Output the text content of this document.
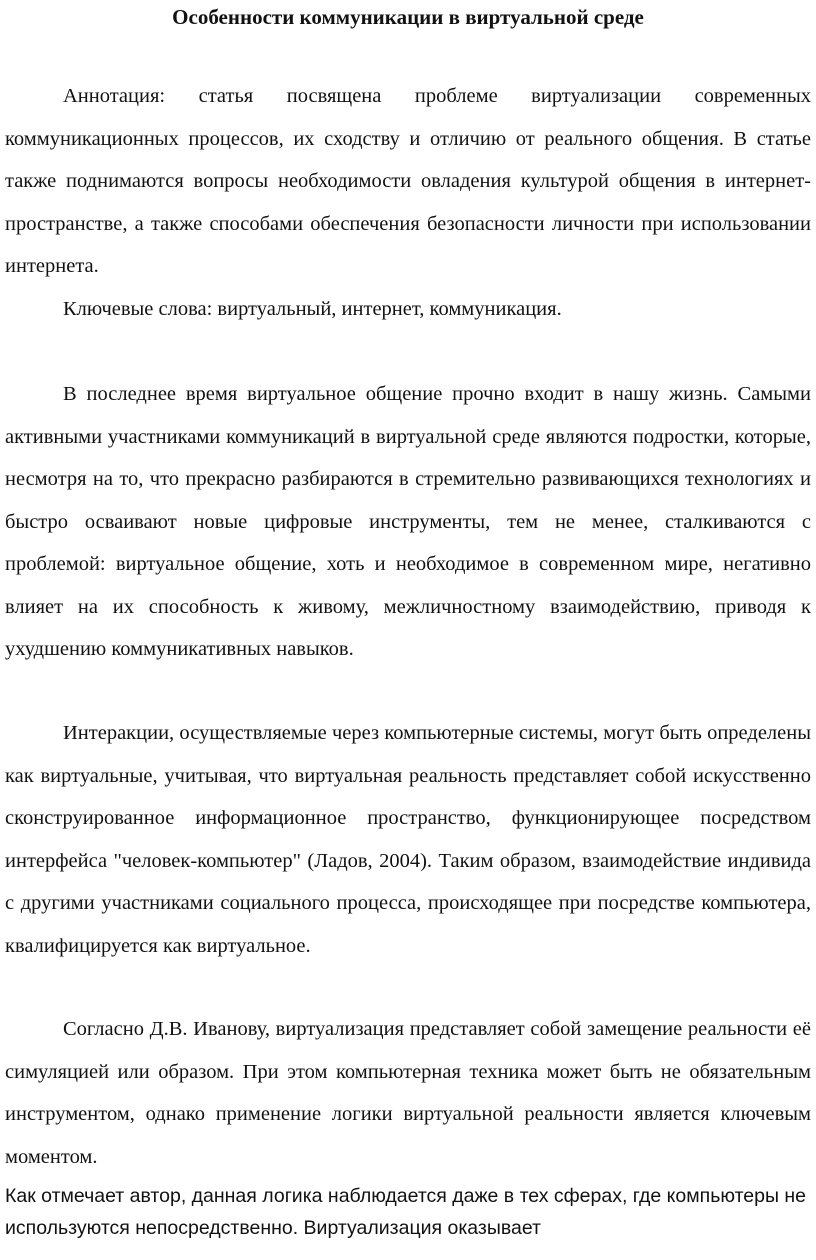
Особенности коммуникации в виртуальной среде

Аннотация: статья посвящена проблеме виртуализации современных коммуникационных процессов, их сходству и отличию от реального общения. В статье также поднимаются вопросы необходимости овладения культурой общения в интернет-пространстве, а также способами обеспечения безопасности личности при использовании интернета.

Ключевые слова: виртуальный, интернет, коммуникация.

В последнее время виртуальное общение прочно входит в нашу жизнь. Самыми активными участниками коммуникаций в виртуальной среде являются подростки, которые, несмотря на то, что прекрасно разбираются в стремительно развивающихся технологиях и быстро осваивают новые цифровые инструменты, тем не менее, сталкиваются с проблемой: виртуальное общение, хоть и необходимое в современном мире, негативно влияет на их способность к живому, межличностному взаимодействию, приводя к ухудшению коммуникативных навыков.

Интеракции, осуществляемые через компьютерные системы, могут быть определены как виртуальные, учитывая, что виртуальная реальность представляет собой искусственно сконструированное информационное пространство, функционирующее посредством интерфейса "человек-компьютер" (Ладов, 2004). Таким образом, взаимодействие индивида с другими участниками социального процесса, происходящее при посредстве компьютера, квалифицируется как виртуальное.

Согласно Д.В. Иванову, виртуализация представляет собой замещение реальности её симуляцией или образом. При этом компьютерная техника может быть не обязательным инструментом, однако применение логики виртуальной реальности является ключевым моментом.

Как отмечает автор, данная логика наблюдается даже в тех сферах, где компьютеры не используются непосредственно. Виртуализация оказывает
